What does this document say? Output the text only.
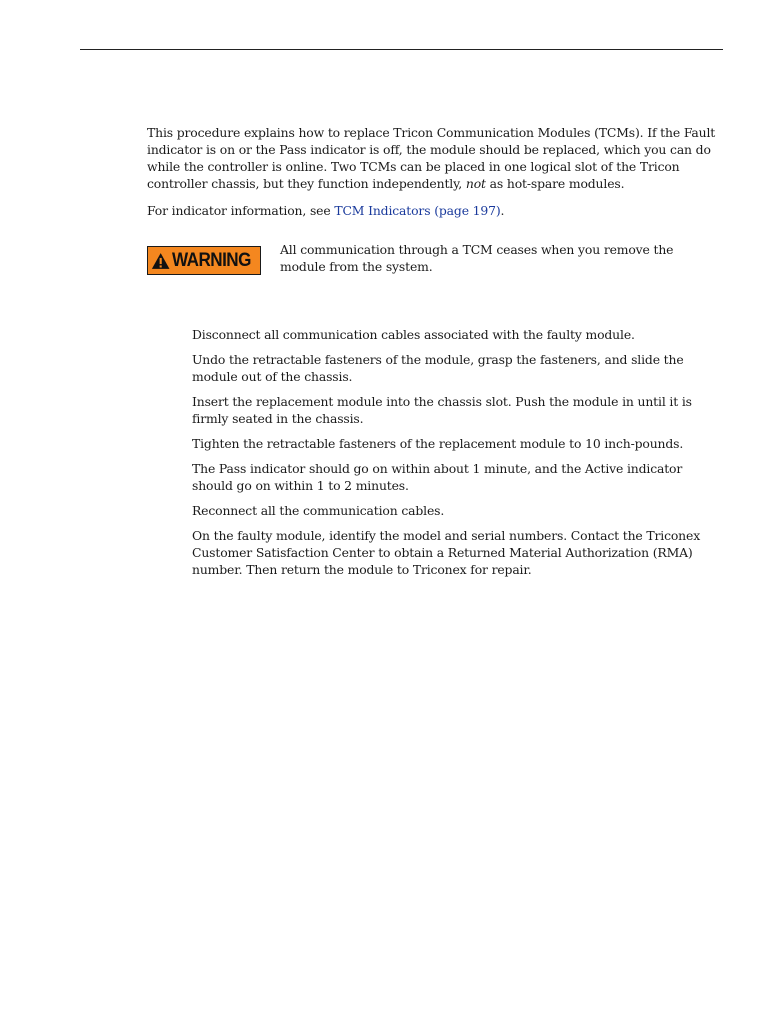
This procedure explains how to replace Tricon Communication Modules (TCMs). If the Fault indicator is on or the Pass indicator is off, the module should be replaced, which you can do while the controller is online. Two TCMs can be placed in one logical slot of the Tricon controller chassis, but they function independently, not as hot-spare modules.

For indicator information, see TCM Indicators (page 197).

WARNING All communication through a TCM ceases when you remove the module from the system.

Disconnect all communication cables associated with the faulty module.
Undo the retractable fasteners of the module, grasp the fasteners, and slide the module out of the chassis.
Insert the replacement module into the chassis slot. Push the module in until it is firmly seated in the chassis.
Tighten the retractable fasteners of the replacement module to 10 inch-pounds.
The Pass indicator should go on within about 1 minute, and the Active indicator should go on within 1 to 2 minutes.
Reconnect all the communication cables.
On the faulty module, identify the model and serial numbers. Contact the Triconex Customer Satisfaction Center to obtain a Returned Material Authorization (RMA) number. Then return the module to Triconex for repair.
